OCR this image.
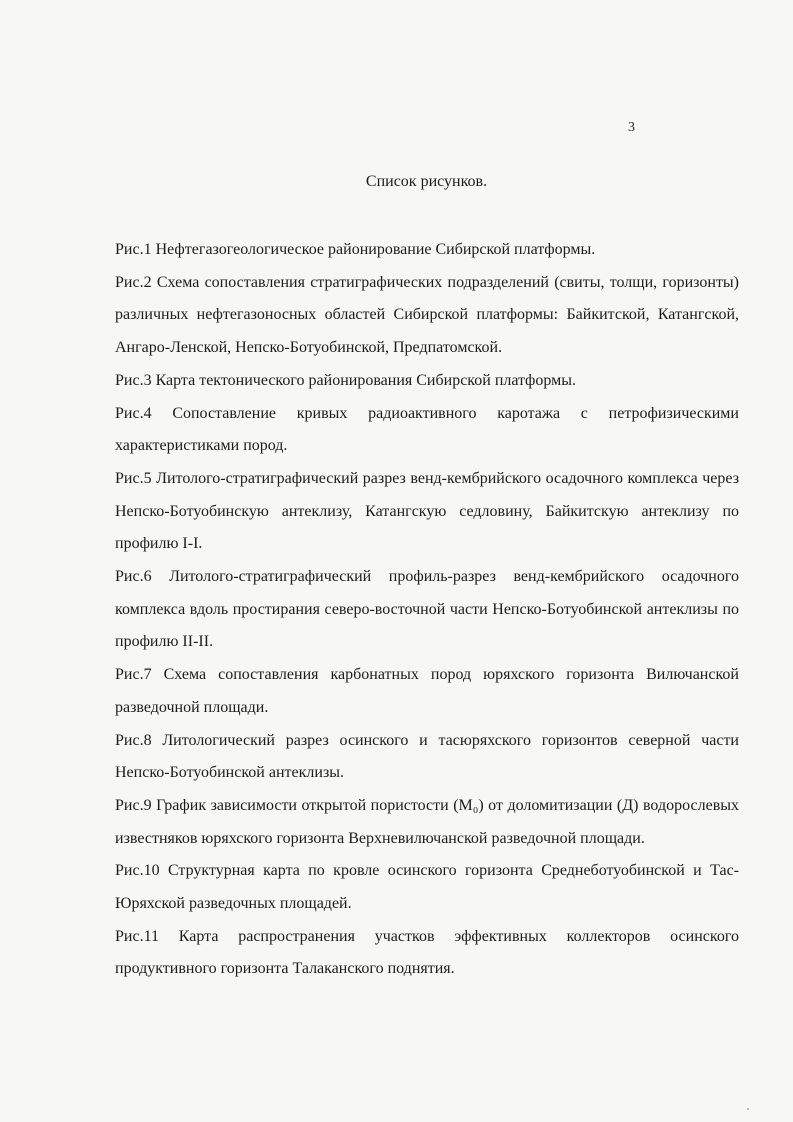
3
Список рисунков.
Рис.1 Нефтегазогеологическое районирование Сибирской платформы.
Рис.2 Схема сопоставления стратиграфических подразделений (свиты, толщи, горизонты) различных нефтегазоносных областей Сибирской платформы: Байкитской, Катангской, Ангаро-Ленской, Непско-Ботуобинской, Предпатомской.
Рис.3 Карта тектонического районирования Сибирской платформы.
Рис.4 Сопоставление кривых радиоактивного каротажа с петрофизическими характеристиками пород.
Рис.5 Литолого-стратиграфический разрез венд-кембрийского осадочного комплекса через Непско-Ботуобинскую антеклизу, Катангскую седловину, Байкитскую антеклизу по профилю I-I.
Рис.6 Литолого-стратиграфический профиль-разрез венд-кембрийского осадочного комплекса вдоль простирания северо-восточной части Непско-Ботуобинской антеклизы по профилю II-II.
Рис.7 Схема сопоставления карбонатных пород юряхского горизонта Вилючанской разведочной площади.
Рис.8 Литологический разрез осинского и тасюряхского горизонтов северной части Непско-Ботуобинской антеклизы.
Рис.9 График зависимости открытой пористости (М₀) от доломитизации (Д) водорослевых известняков юряхского горизонта Верхневилючанской разведочной площади.
Рис.10 Структурная карта по кровле осинского горизонта Среднеботуобинской и Тас-Юряхской разведочных площадей.
Рис.11 Карта распространения участков эффективных коллекторов осинского продуктивного горизонта Талаканского поднятия.
